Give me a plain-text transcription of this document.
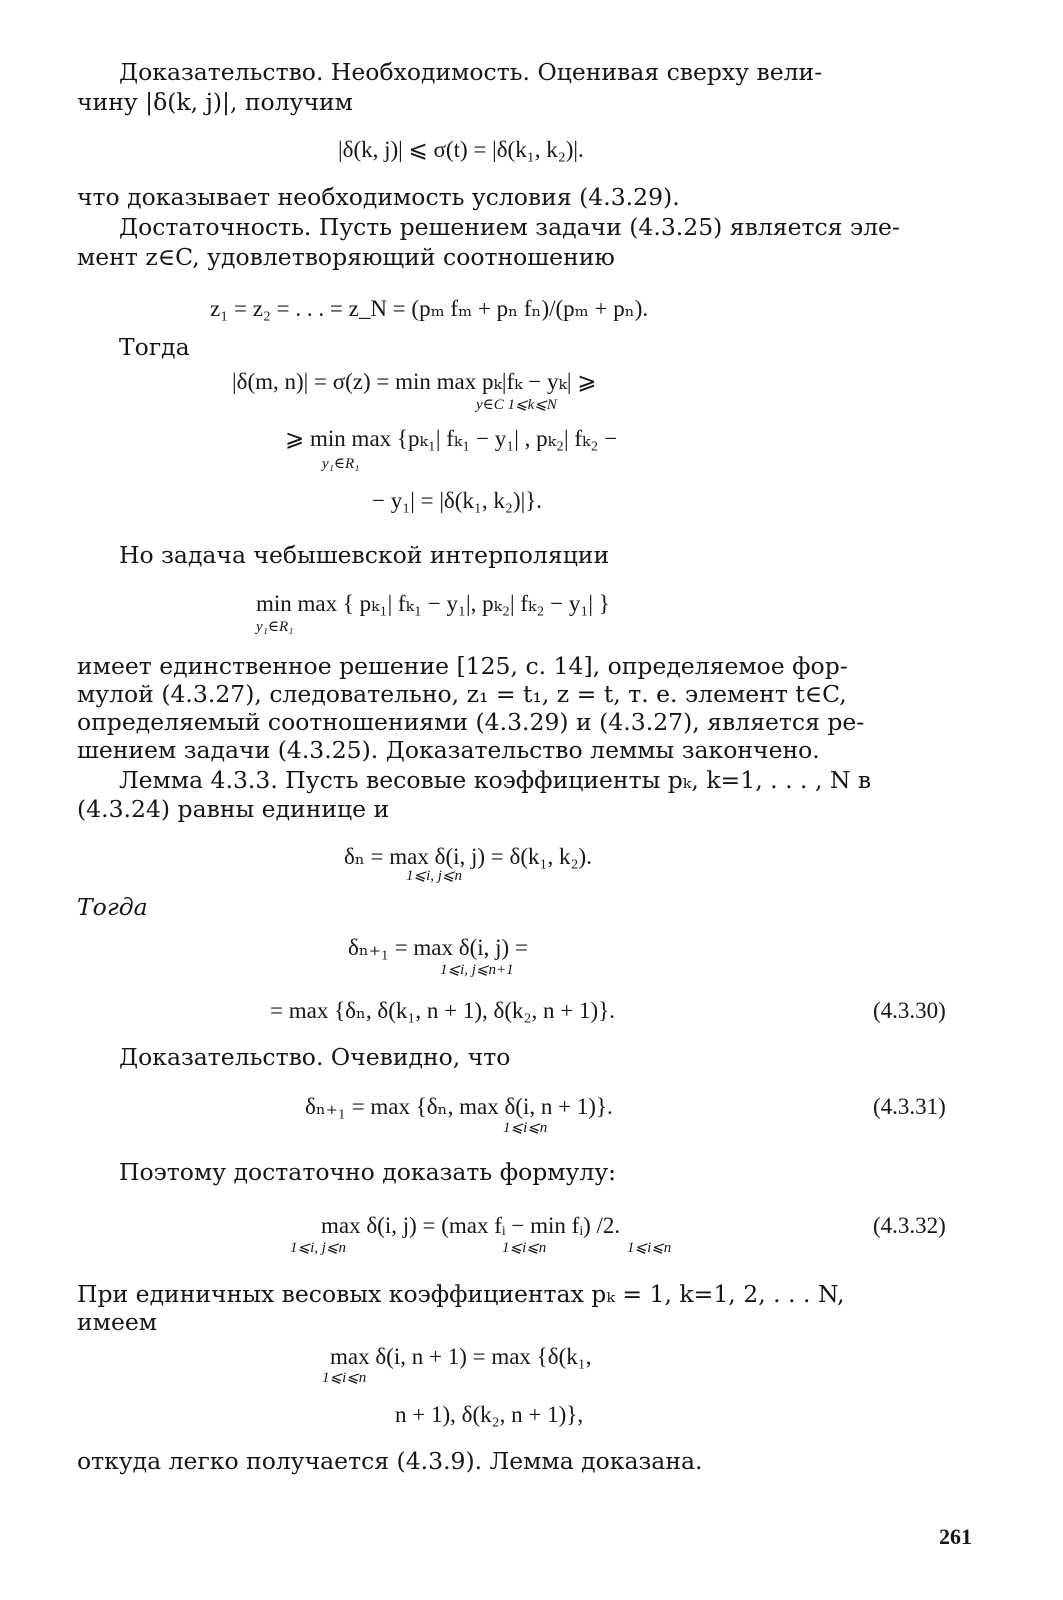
Доказательство. Необходимость. Оценивая сверху вели-
чину |δ(k, j)|, получим
|δ(k, j)| ⩽ σ(t) = |δ(k₁, k₂)|.
что доказывает необходимость условия (4.3.29).
Достаточность. Пусть решением задачи (4.3.25) является эле-
мент z∈C, удовлетворяющий соотношению
z₁ = z₂ = . . . = z_N = (pₘ fₘ + pₙ fₙ)/(pₘ + pₙ).
Тогда
|δ(m, n)| = σ(z) = min max pₖ|fₖ − yₖ| ⩾
y∈C 1⩽k⩽N
⩾ min max {pₖ₁| fₖ₁ − y₁| , pₖ₂| fₖ₂ −
y₁∈R₁
− y₁| = |δ(k₁, k₂)|}.
Но задача чебышевской интерполяции
min max { pₖ₁| fₖ₁ − y₁|, pₖ₂| fₖ₂ − y₁| }
y₁∈R₁
имеет единственное решение [125, с. 14], определяемое фор-
мулой (4.3.27), следовательно, z₁ = t₁, z = t, т. е. элемент t∈C,
определяемый соотношениями (4.3.29) и (4.3.27), является ре-
шением задачи (4.3.25). Доказательство леммы закончено.
Лемма 4.3.3. Пусть весовые коэффициенты pₖ, k=1, . . . , N в
(4.3.24) равны единице и
δₙ = max δ(i, j) = δ(k₁, k₂).
1⩽i, j⩽n
Тогда
δₙ₊₁ = max δ(i, j) =
1⩽i, j⩽n+1
= max {δₙ, δ(k₁, n + 1), δ(k₂, n + 1)}.	(4.3.30)
Доказательство. Очевидно, что
δₙ₊₁ = max {δₙ, max δ(i, n + 1)}.
1⩽i⩽n
(4.3.31)
Поэтому достаточно доказать формулу:
max δ(i, j) = (max fᵢ − min fᵢ) /2.
1⩽i, j⩽n	1⩽i⩽n	1⩽i⩽n
(4.3.32)
При единичных весовых коэффициентах pₖ = 1, k=1, 2, . . . N,
имеем
max δ(i, n + 1) = max {δ(k₁,
1⩽i⩽n
n + 1), δ(k₂, n + 1)},
откуда легко получается (4.3.9). Лемма доказана.
261
